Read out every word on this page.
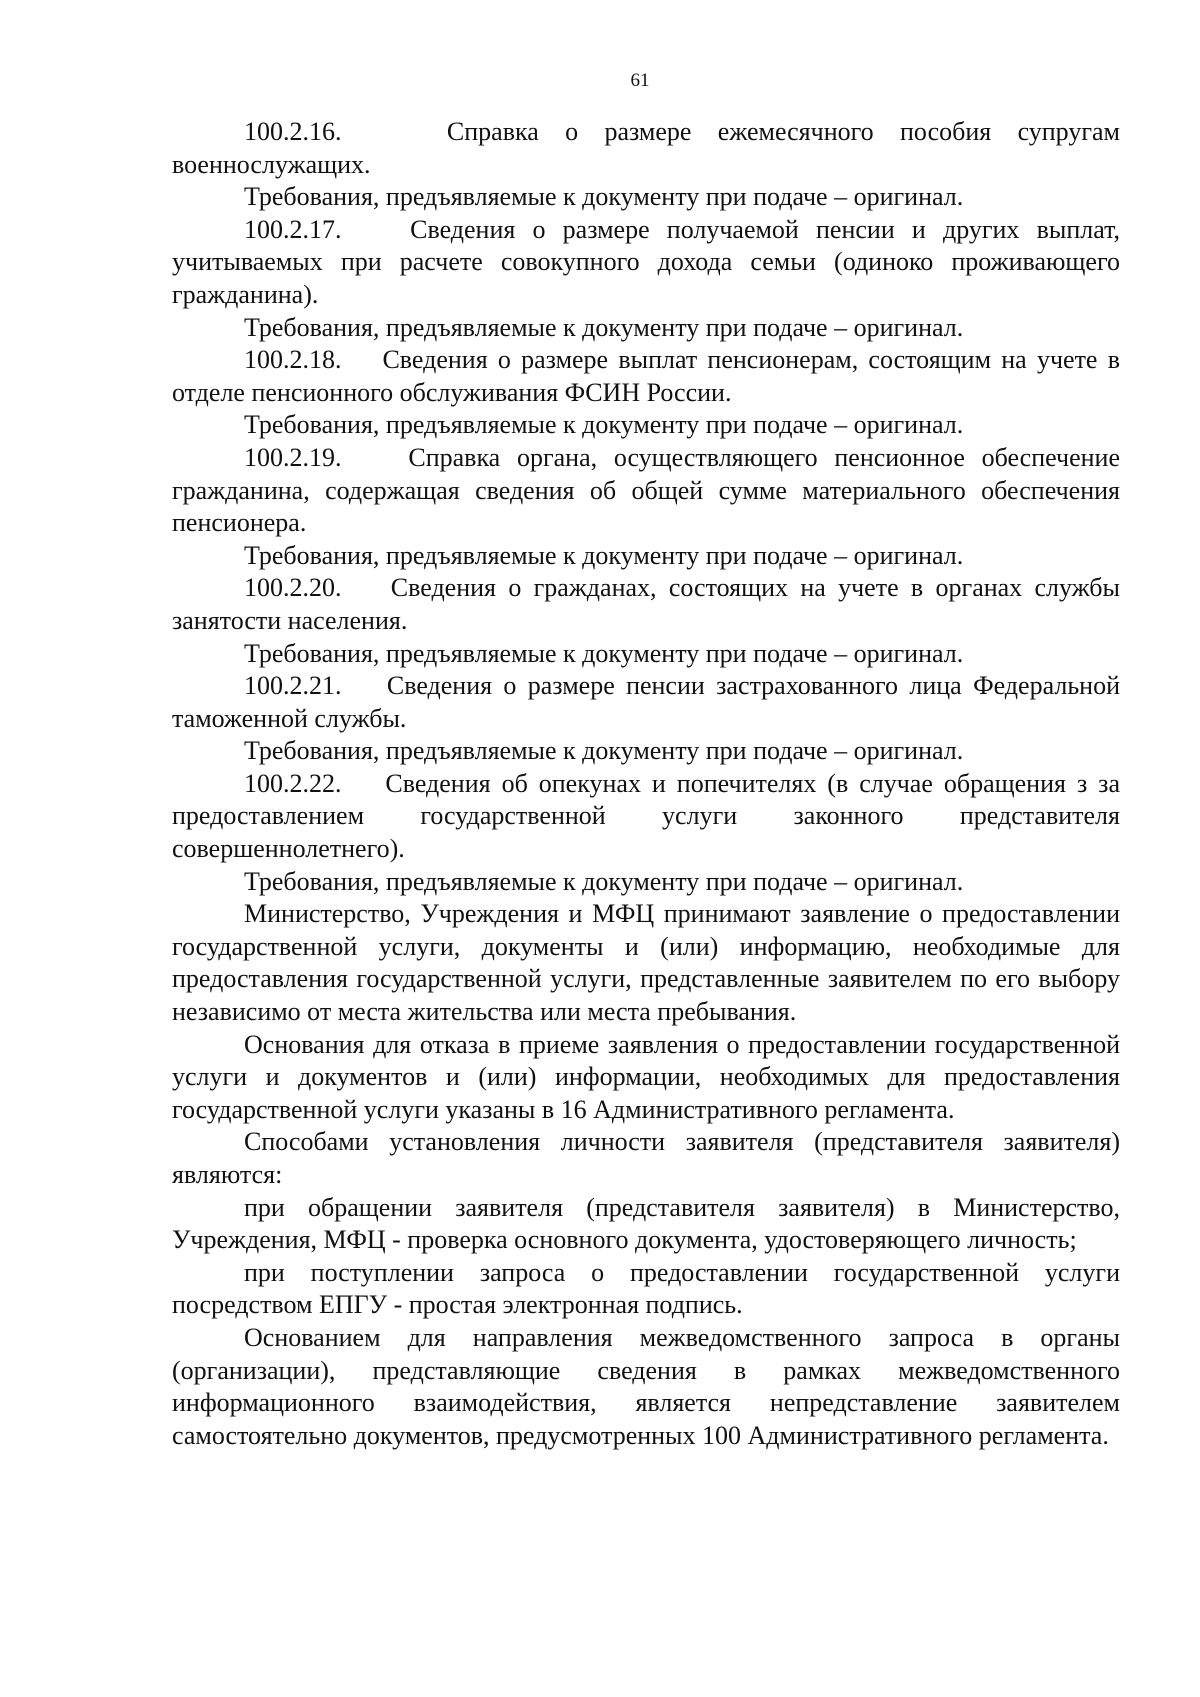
61

100.2.16.    Справка о размере ежемесячного пособия супругам военнослужащих.

Требования, предъявляемые к документу при подаче – оригинал.

100.2.17.    Сведения о размере получаемой пенсии и других выплат, учитываемых при расчете совокупного дохода семьи (одиноко проживающего гражданина).

Требования, предъявляемые к документу при подаче – оригинал.

100.2.18.    Сведения о размере выплат пенсионерам, состоящим на учете в отделе пенсионного обслуживания ФСИН России.

Требования, предъявляемые к документу при подаче – оригинал.

100.2.19.    Справка органа, осуществляющего пенсионное обеспечение гражданина, содержащая сведения об общей сумме материального обеспечения пенсионера.

Требования, предъявляемые к документу при подаче – оригинал.

100.2.20.    Сведения о гражданах, состоящих на учете в органах службы занятости населения.

Требования, предъявляемые к документу при подаче – оригинал.

100.2.21.    Сведения о размере пенсии застрахованного лица Федеральной таможенной службы.

Требования, предъявляемые к документу при подаче – оригинал.

100.2.22.    Сведения об опекунах и попечителях (в случае обращения з за предоставлением государственной услуги законного представителя совершеннолетнего).

Требования, предъявляемые к документу при подаче – оригинал.

Министерство, Учреждения и МФЦ принимают заявление о предоставлении государственной услуги, документы и (или) информацию, необходимые для предоставления государственной услуги, представленные заявителем по его выбору независимо от места жительства или места пребывания.

Основания для отказа в приеме заявления о предоставлении государственной услуги и документов и (или) информации, необходимых для предоставления государственной услуги указаны в 16 Административного регламента.

Способами установления личности заявителя (представителя заявителя) являются:

при обращении заявителя (представителя заявителя) в Министерство, Учреждения, МФЦ - проверка основного документа, удостоверяющего личность;

при поступлении запроса о предоставлении государственной услуги посредством ЕПГУ - простая электронная подпись.

Основанием для направления межведомственного запроса в органы (организации), представляющие сведения в рамках межведомственного информационного взаимодействия, является непредставление заявителем самостоятельно документов, предусмотренных 100 Административного регламента.
